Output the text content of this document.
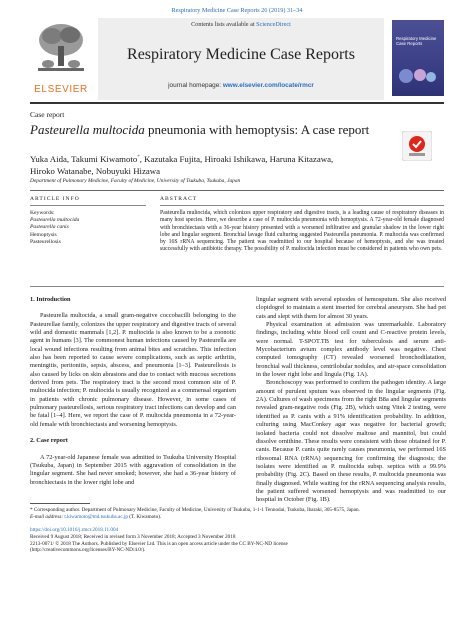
Respiratory Medicine Case Reports 26 (2019) 31–34
ELSEVIER
Contents lists available at ScienceDirect
Respiratory Medicine Case Reports
journal homepage: www.elsevier.com/locate/rmcr
Respiratory Medicine Case Reports
Case report
Pasteurella multocida pneumonia with hemoptysis: A case report
Yuka Aida, Takumi Kiwamoto*, Kazutaka Fujita, Hiroaki Ishikawa, Haruna Kitazawa,
Hiroko Watanabe, Nobuyuki Hizawa
Department of Pulmonary Medicine, Faculty of Medicine, University of Tsukuba, Tsukuba, Japan
ARTICLE INFO	ABSTRACT
Keywords:
Pasteurella multocida
Pasteurella canis
Hemoptysis
Pasteurellosis
Pasteurella multocida, which colonizes upper respiratory and digestive tracts, is a leading cause of respiratory diseases in many host species. Here, we describe a case of P. multocida pneumonia with hemoptysis. A 72-year-old female diagnosed with bronchiectasis with a 36-year history presented with a worsened infiltrative and granular shadow in the lower right lobe and lingular segment. Bronchial lavage fluid culturing suggested Pasteurella pneumonia. P. multocida was confirmed by 16S rRNA sequencing. The patient was readmitted to our hospital because of hemoptysis, and she was treated successfully with antibiotic therapy. The possibility of P. multocida infection must be considered in patients who own pets.
1. Introduction

Pasteurella multocida, a small gram-negative coccobacilli belonging to the Pasteurellae family, colonizes the upper respiratory and digestive tracts of several wild and domestic mammals [1,2]. P. multocida is also known to be a zoonotic agent in humans [3]. The commonest human infections caused by Pasteurella are local wound infections resulting from animal bites and scratches. This infection also has been reported to cause severe complications, such as septic arthritis, meningitis, peritonitis, sepsis, abscess, and pneumonia [1–3]. Pasteurellosis is also caused by licks on skin abrasions and due to contact with mucous secretions derived from pets. The respiratory tract is the second most common site of P. multocida infection; P. multocida is usually recognized as a commensal organism in patients with chronic pulmonary disease. However, in some cases of pulmonary pasteurellosis, serious respiratory tract infections can develop and can be fatal [1–4]. Here, we report the case of P. multocida pneumonia in a 72-year-old female with bronchiectasis and worsening hemoptysis.

2. Case report

A 72-year-old Japanese female was admitted to Tsukuba University Hospital (Tsukuba, Japan) in September 2015 with aggravation of consolidation in the lingular segment. She had never smoked; however, she had a 36-year history of bronchiectasis in the lower right lobe and

lingular segment with several episodes of hemosputum. She also received clopidogrel to maintain a stent inserted for cerebral aneurysm. She had pet cats and slept with them for almost 30 years.

Physical examination at admission was unremarkable. Laboratory findings, including white blood cell count and C-reactive protein levels, were normal. T-SPOT.TB test for tuberculosis and serum anti-Mycobacterium avium complex antibody level was negative. Chest computed tomography (CT) revealed worsened bronchodilatation, bronchial wall thickness, centrilobular nodules, and air-space consolidation in the lower right lobe and lingula (Fig. 1A).

Bronchoscopy was performed to confirm the pathogen identity. A large amount of purulent sputum was observed in the lingular segments (Fig. 2A). Cultures of wash specimens from the right B8a and lingular segments revealed gram-negative rods (Fig. 2B), which using Vitek 2 testing, were identified as P. canis with a 91% identification probability. In addition, culturing using MacConkey agar was negative for bacterial growth; isolated bacteria could not dissolve maltose and mannitol, but could dissolve ornithine. These results were consistent with those obtained for P. canis. Because P. canis quite rarely causes pneumonia, we performed 16S ribosomal RNA (rRNA) sequencing for confirming the diagnosis; the isolates were identified as P. multocida subsp. septica with a 99.9% probability (Fig. 2C). Based on these results, P. multocida pneumonia was finally diagnosed. While waiting for the rRNA sequencing analysis results, the patient suffered worsened hemoptysis and was readmitted to our hospital in October (Fig. 1B).

* Corresponding author. Department of Pulmonary Medicine, Faculty of Medicine, University of Tsukuba, 1-1-1 Tennodai, Tsukuba, Ibaraki, 305-8575, Japan.
E-mail address: t.kiwamoto@md.tsukuba.ac.jp (T. Kiwamoto).
https://doi.org/10.1016/j.rmcr.2018.11.004
Received 9 August 2018; Received in revised form 3 November 2018; Accepted 3 November 2018
2213-0071/ © 2018 The Authors. Published by Elsevier Ltd. This is an open access article under the CC BY-NC-ND license
(http://creativecommons.org/licenses/BY-NC-ND/4.0/).
